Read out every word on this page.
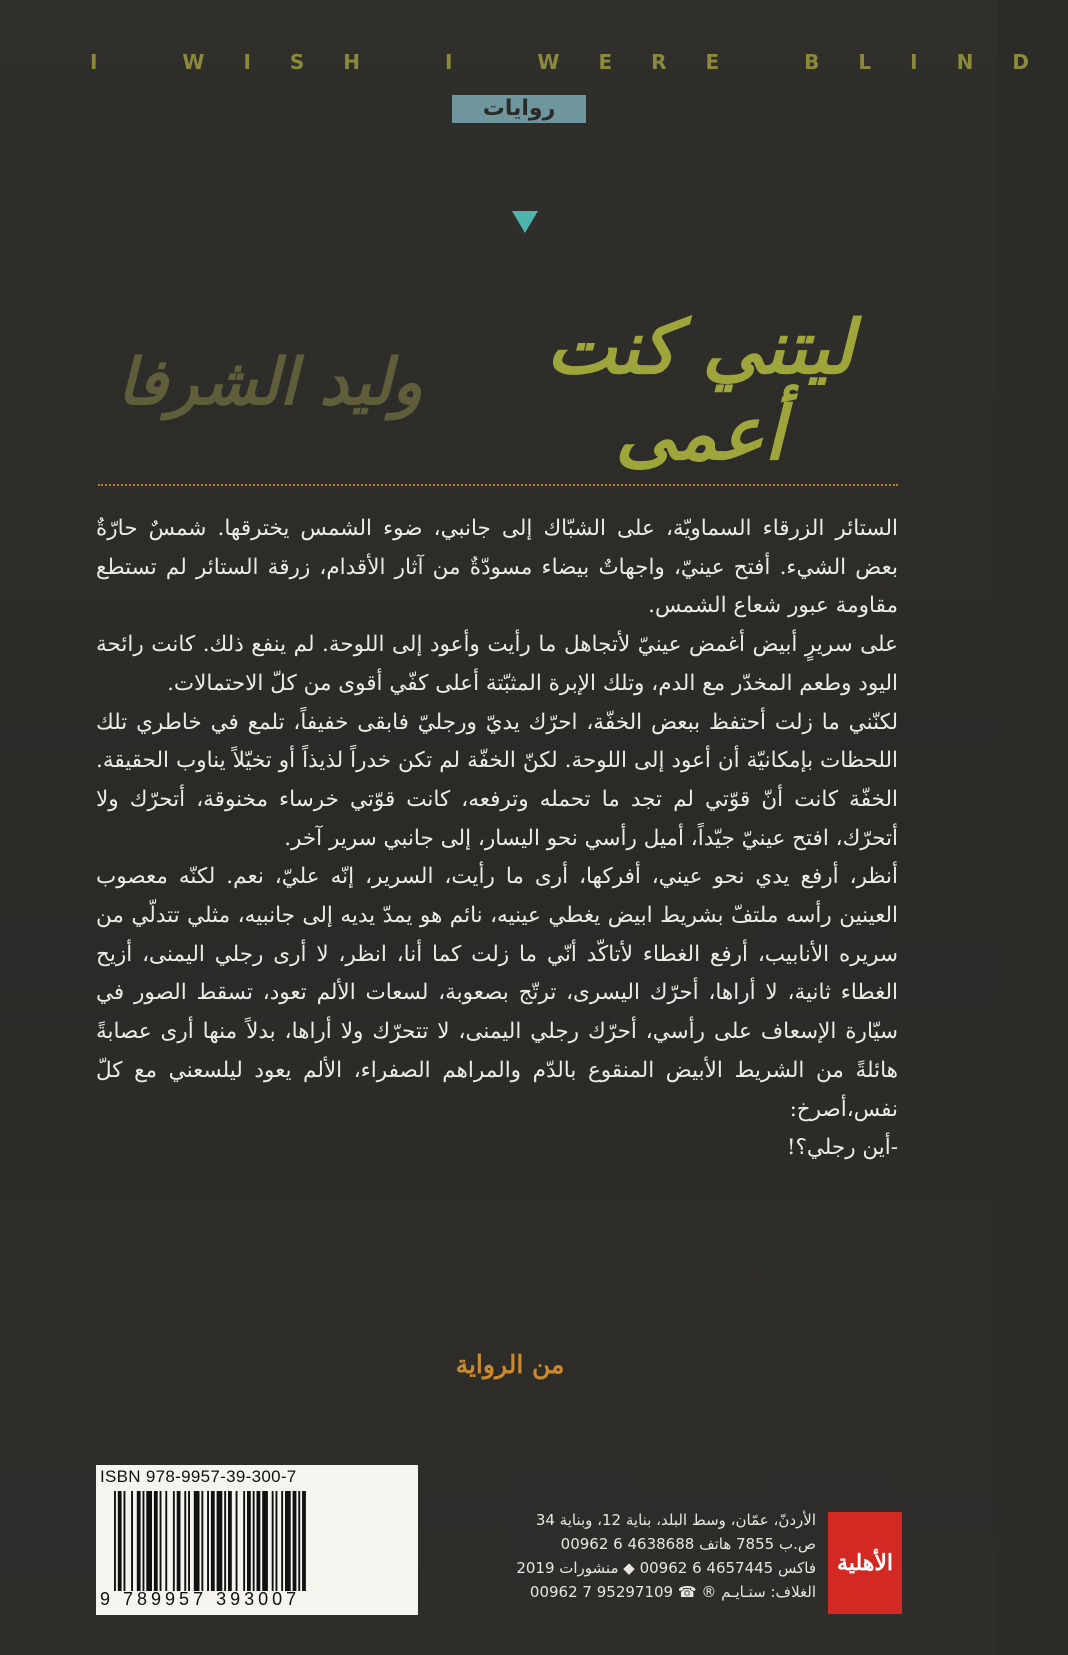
I WISH I WERE BLIND
روايات
ليتني كنت أعمى
وليد الشرفا

الستائر الزرقاء السماويّة، على الشبّاك إلى جانبي، ضوء الشمس يخترقها. شمسٌ حارّةٌ بعض الشيء. أفتح عينيّ، واجهاتٌ بيضاء مسودّةٌ من آثار الأقدام، زرقة الستائر لم تستطع مقاومة عبور شعاع الشمس.

على سريرٍ أبيض أغمض عينيّ لأتجاهل ما رأيت وأعود إلى اللوحة. لم ينفع ذلك. كانت رائحة اليود وطعم المخدّر مع الدم، وتلك الإبرة المثبّتة أعلى كفّي أقوى من كلّ الاحتمالات.

لكنّني ما زلت أحتفظ ببعض الخفّة، احرّك يديّ ورجليّ فابقى خفيفاً، تلمع في خاطري تلك اللحظات بإمكانيّة أن أعود إلى اللوحة. لكنّ الخفّة لم تكن خدراً لذيذاً أو تخيّلاً يناوب الحقيقة. الخفّة كانت أنّ قوّتي لم تجد ما تحمله وترفعه، كانت قوّتي خرساء مخنوقة، أتحرّك ولا أتحرّك، افتح عينيّ جيّداً، أميل رأسي نحو اليسار، إلى جانبي سرير آخر.

أنظر، أرفع يدي نحو عيني، أفركها، أرى ما رأيت، السرير، إنّه عليّ، نعم. لكنّه معصوب العينين رأسه ملتفّ بشريط ابيض يغطي عينيه، نائم هو يمدّ يديه إلى جانبيه، مثلي تتدلّي من سريره الأنابيب، أرفع الغطاء لأتاكّد أنّي ما زلت كما أنا، انظر، لا أرى رجلي اليمنى، أزيح الغطاء ثانية، لا أراها، أحرّك اليسرى، ترتّج بصعوبة، لسعات الألم تعود، تسقط الصور في سيّارة الإسعاف على رأسي، أحرّك رجلي اليمنى، لا تتحرّك ولا أراها، بدلاً منها أرى عصابةً هائلةً من الشريط الأبيض المنقوع بالدّم والمراهم الصفراء، الألم يعود ليلسعني مع كلّ نفس،أصرخ:

-أين رجلي؟!

من الرواية
ISBN 978-9957-39-300-7
9 789957 393007
الأردنّ، عمّان، وسط البلد، بناية 12، وبناية 34
ص.ب 7855 هاتف 4638688 6 00962
فاكس 4657445 6 00962 ◆ منشورات 2019
الغلاف: ستـايـم ® ☎ 95297109 7 00962
الأهلية
